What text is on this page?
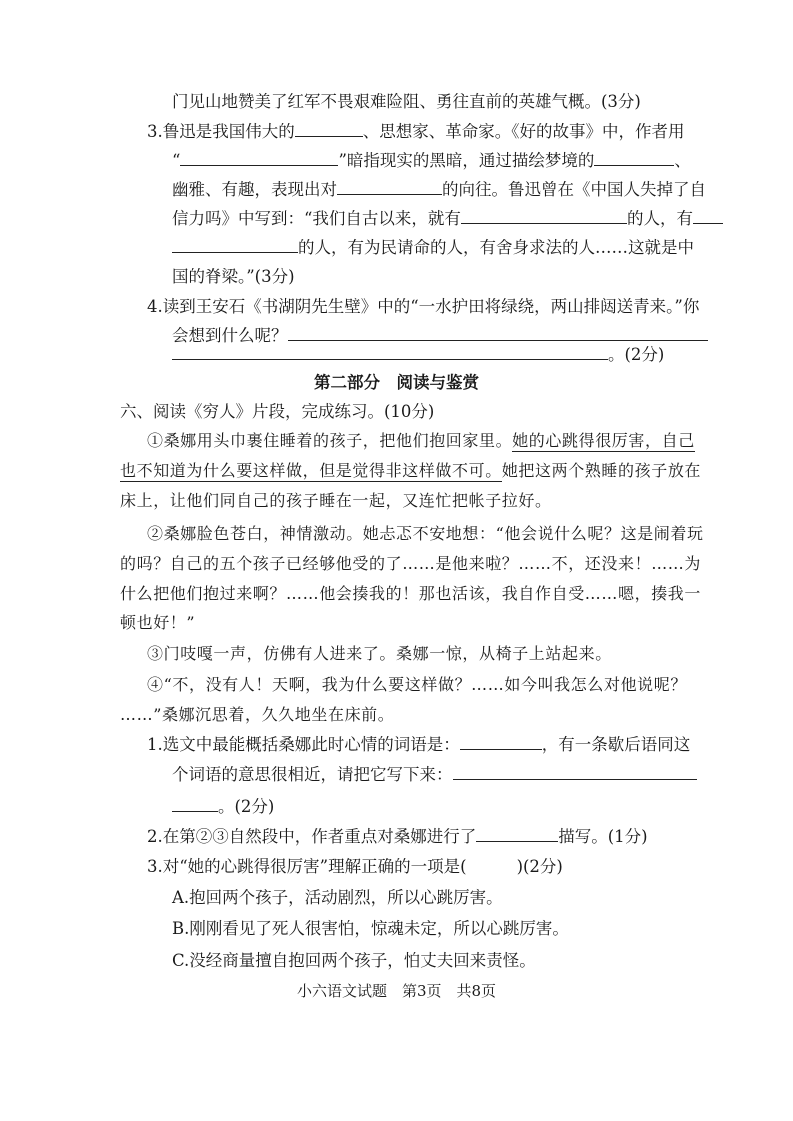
门见山地赞美了红军不畏艰难险阻、勇往直前的英雄气概。(3分)
3.鲁迅是我国伟大的	、思想家、革命家。《好的故事》中，作者用
“	”暗指现实的黑暗，通过描绘梦境的	、
幽雅、有趣，表现出对	的向往。鲁迅曾在《中国人失掉了自
信力吗》中写到：“我们自古以来，就有	的人，有
的人，有为民请命的人，有舍身求法的人……这就是中
国的脊梁。”(3分)
4.读到王安石《书湖阴先生壁》中的“一水护田将绿绕，两山排闼送青来。”你
会想到什么呢？
。(2分)
第二部分　阅读与鉴赏
六、阅读《穷人》片段，完成练习。(10分)
①桑娜用头巾裹住睡着的孩子，把他们抱回家里。她的心跳得很厉害，自己
也不知道为什么要这样做，但是觉得非这样做不可。她把这两个熟睡的孩子放在
床上，让他们同自己的孩子睡在一起，又连忙把帐子拉好。
②桑娜脸色苍白，神情激动。她忐忑不安地想：“他会说什么呢？这是闹着玩
的吗？自己的五个孩子已经够他受的了……是他来啦？……不，还没来！……为
什么把他们抱过来啊？……他会揍我的！那也活该，我自作自受……嗯，揍我一
顿也好！”
③门吱嘎一声，仿佛有人进来了。桑娜一惊，从椅子上站起来。
④“不，没有人！天啊，我为什么要这样做？……如今叫我怎么对他说呢？
……”桑娜沉思着，久久地坐在床前。
1.选文中最能概括桑娜此时心情的词语是：	，有一条歇后语同这
个词语的意思很相近，请把它写下来：
。(2分)
2.在第②③自然段中，作者重点对桑娜进行了	描写。(1分)
3.对“她的心跳得很厉害”理解正确的一项是(	)(2分)
A.抱回两个孩子，活动剧烈，所以心跳厉害。
B.刚刚看见了死人很害怕，惊魂未定，所以心跳厉害。
C.没经商量擅自抱回两个孩子，怕丈夫回来责怪。
小六语文试题　第3页　共8页
